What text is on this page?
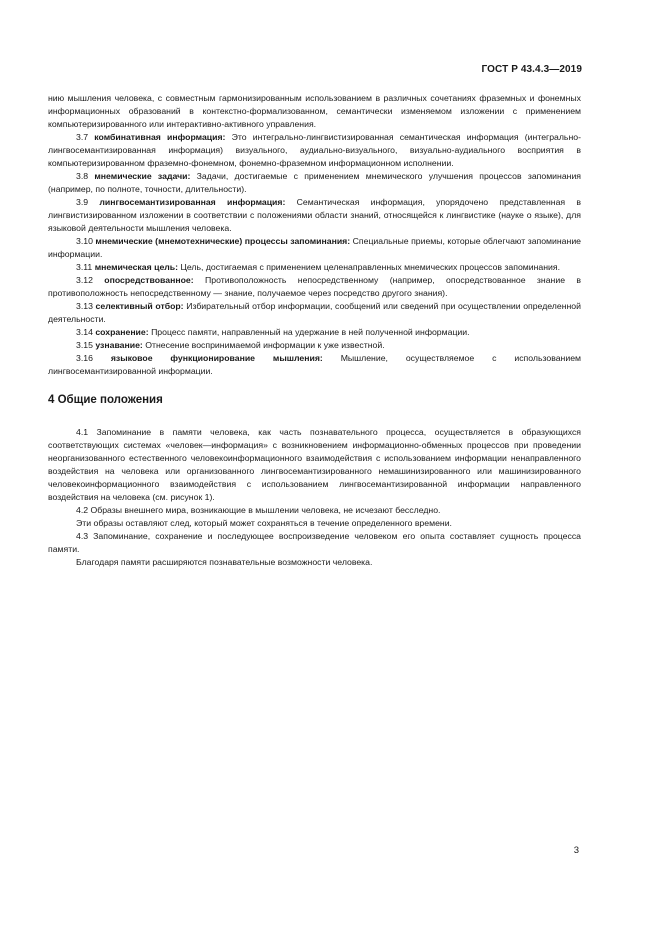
ГОСТ Р 43.4.3—2019

нию мышления человека, с совместным гармонизированным использованием в различных сочетаниях фраземных и фонемных информационных образований в контекстно-формализованном, семантически изменяемом изложении с применением компьютеризированного или интерактивно-активного управления.

3.7 комбинативная информация: Это интегрально-лингвистизированная семантическая информация (интегрально-лингвосемантизированная информация) визуального, аудиально-визуального, визуально-аудиального восприятия в компьютеризированном фраземно-фонемном, фонемно-фраземном информационном исполнении.

3.8 мнемические задачи: Задачи, достигаемые с применением мнемического улучшения процессов запоминания (например, по полноте, точности, длительности).

3.9 лингвосемантизированная информация: Семантическая информация, упорядочено представленная в лингвистизированном изложении в соответствии с положениями области знаний, относящейся к лингвистике (науке о языке), для языковой деятельности мышления человека.

3.10 мнемические (мнемотехнические) процессы запоминания: Специальные приемы, которые облегчают запоминание информации.

3.11 мнемическая цель: Цель, достигаемая с применением целенаправленных мнемических процессов запоминания.

3.12 опосредствованное: Противоположность непосредственному (например, опосредствованное знание в противоположность непосредственному — знание, получаемое через посредство другого знания).

3.13 селективный отбор: Избирательный отбор информации, сообщений или сведений при осуществлении определенной деятельности.

3.14 сохранение: Процесс памяти, направленный на удержание в ней полученной информации.

3.15 узнавание: Отнесение воспринимаемой информации к уже известной.

3.16 языковое функционирование мышления: Мышление, осуществляемое с использованием лингвосемантизированной информации.

4 Общие положения

4.1 Запоминание в памяти человека, как часть познавательного процесса, осуществляется в образующихся соответствующих системах «человек—информация» с возникновением информационно-обменных процессов при проведении неорганизованного естественного человекоинформационного взаимодействия с использованием информации ненаправленного воздействия на человека или организованного лингвосемантизированного немашинизированного или машинизированного человекоинформационного взаимодействия с использованием лингвосемантизированной информации направленного воздействия на человека (см. рисунок 1).

4.2 Образы внешнего мира, возникающие в мышлении человека, не исчезают бесследно.

Эти образы оставляют след, который может сохраняться в течение определенного времени.

4.3 Запоминание, сохранение и последующее воспроизведение человеком его опыта составляет сущность процесса памяти.

Благодаря памяти расширяются познавательные возможности человека.

3
